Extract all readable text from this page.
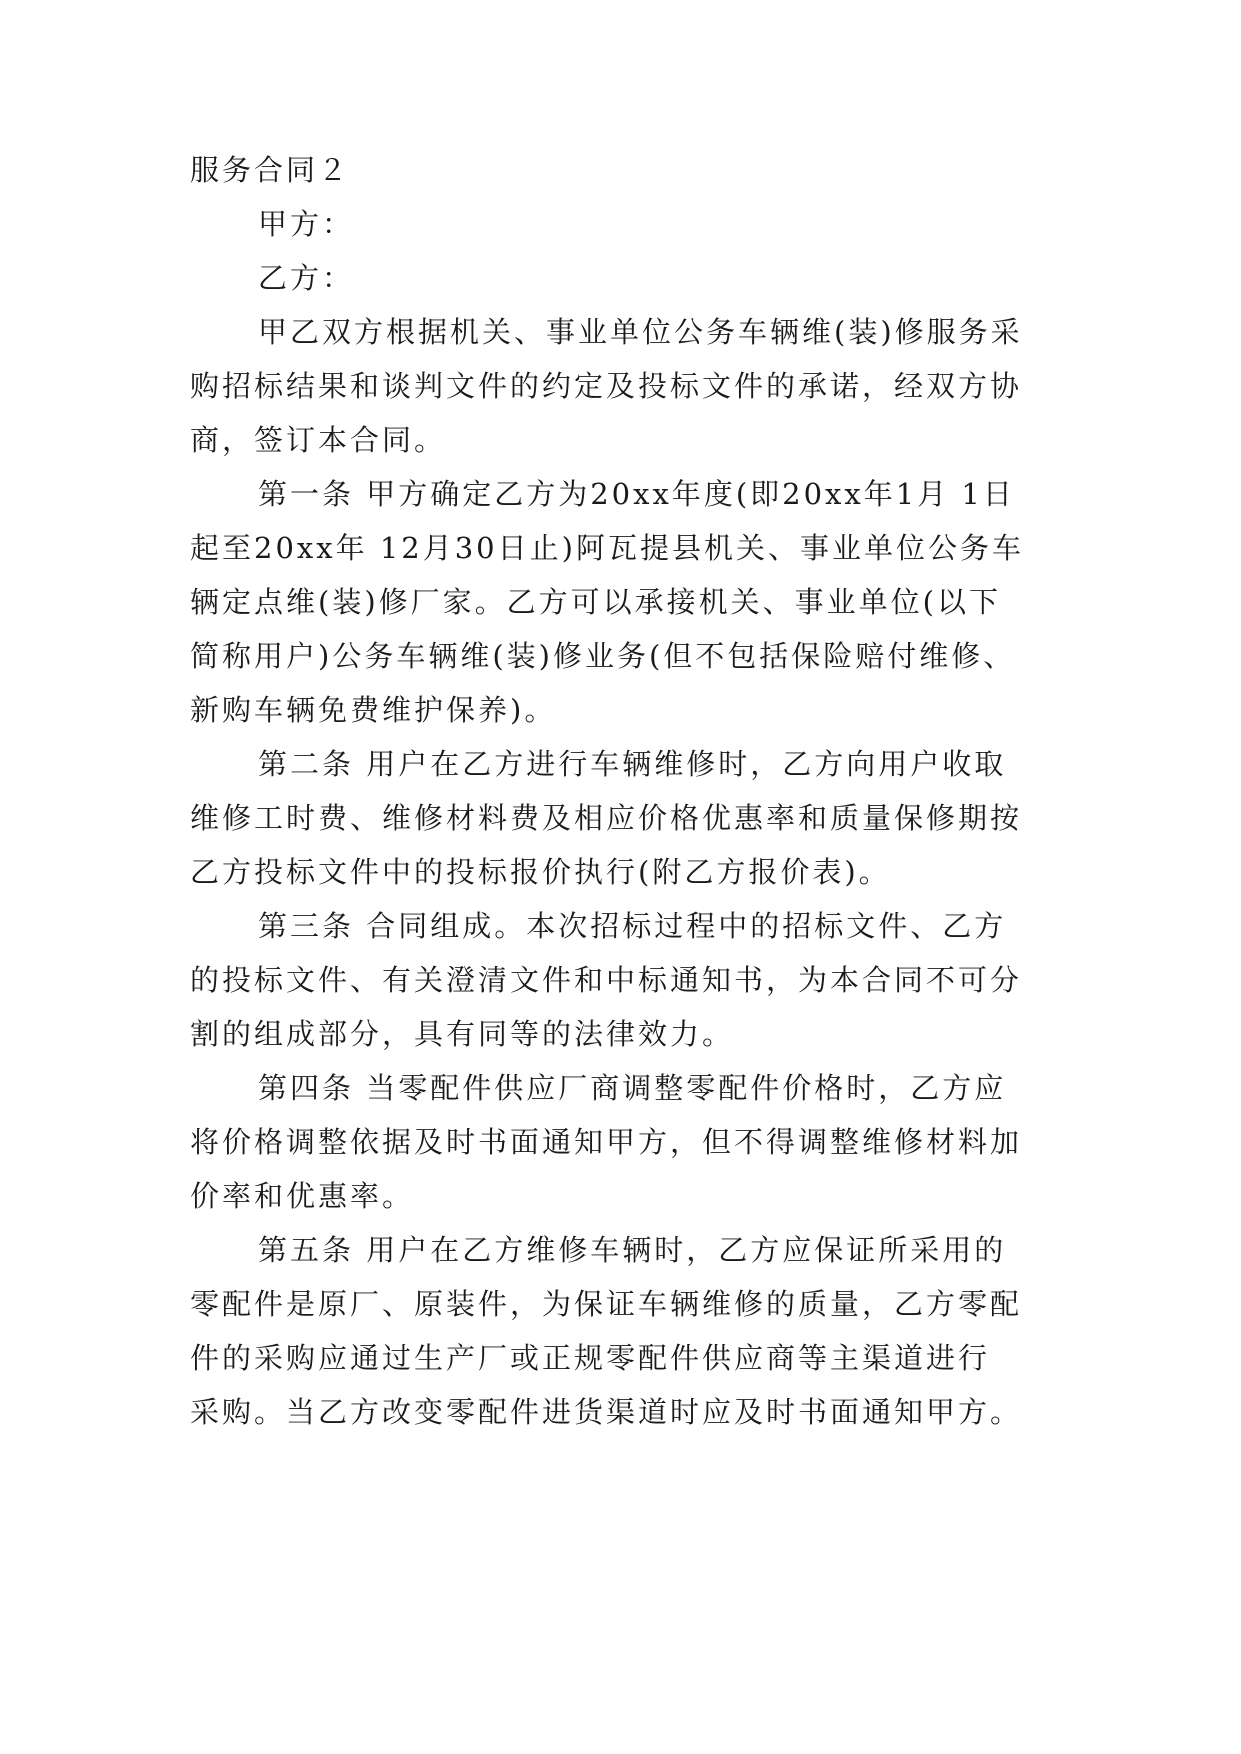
服务合同２
甲方：
乙方：
甲乙双方根据机关、事业单位公务车辆维(装)修服务采
购招标结果和谈判文件的约定及投标文件的承诺，经双方协
商，签订本合同。
第一条 甲方确定乙方为20xx年度(即20xx年1月 1日
起至20xx年 12月30日止)阿瓦提县机关、事业单位公务车
辆定点维(装)修厂家。乙方可以承接机关、事业单位(以下
简称用户)公务车辆维(装)修业务(但不包括保险赔付维修、
新购车辆免费维护保养)。
第二条 用户在乙方进行车辆维修时，乙方向用户收取
维修工时费、维修材料费及相应价格优惠率和质量保修期按
乙方投标文件中的投标报价执行(附乙方报价表)。
第三条 合同组成。本次招标过程中的招标文件、乙方
的投标文件、有关澄清文件和中标通知书，为本合同不可分
割的组成部分，具有同等的法律效力。
第四条 当零配件供应厂商调整零配件价格时，乙方应
将价格调整依据及时书面通知甲方，但不得调整维修材料加
价率和优惠率。
第五条 用户在乙方维修车辆时，乙方应保证所采用的
零配件是原厂、原装件，为保证车辆维修的质量，乙方零配
件的采购应通过生产厂或正规零配件供应商等主渠道进行
采购。当乙方改变零配件进货渠道时应及时书面通知甲方。
